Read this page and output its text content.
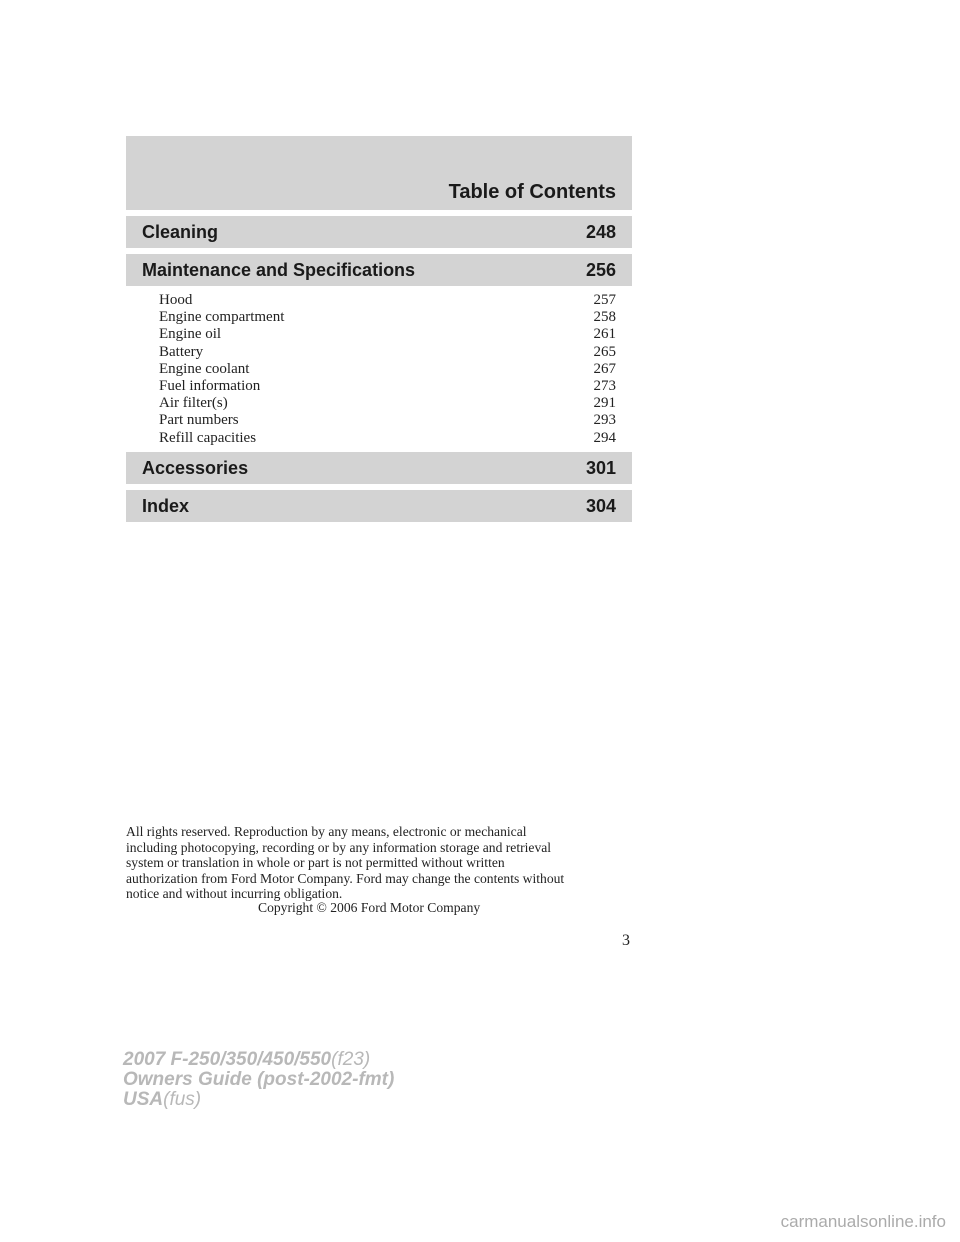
Table of Contents
Cleaning	248
Maintenance and Specifications	256
Hood	257
Engine compartment	258
Engine oil	261
Battery	265
Engine coolant	267
Fuel information	273
Air filter(s)	291
Part numbers	293
Refill capacities	294
Accessories	301
Index	304
All rights reserved. Reproduction by any means, electronic or mechanical
including photocopying, recording or by any information storage and retrieval
system or translation in whole or part is not permitted without written
authorization from Ford Motor Company. Ford may change the contents without
notice and without incurring obligation.
Copyright © 2006 Ford Motor Company
3
2007 F-250/350/450/550(f23)
Owners Guide (post-2002-fmt)
USA(fus)
carmanualsonline.info
